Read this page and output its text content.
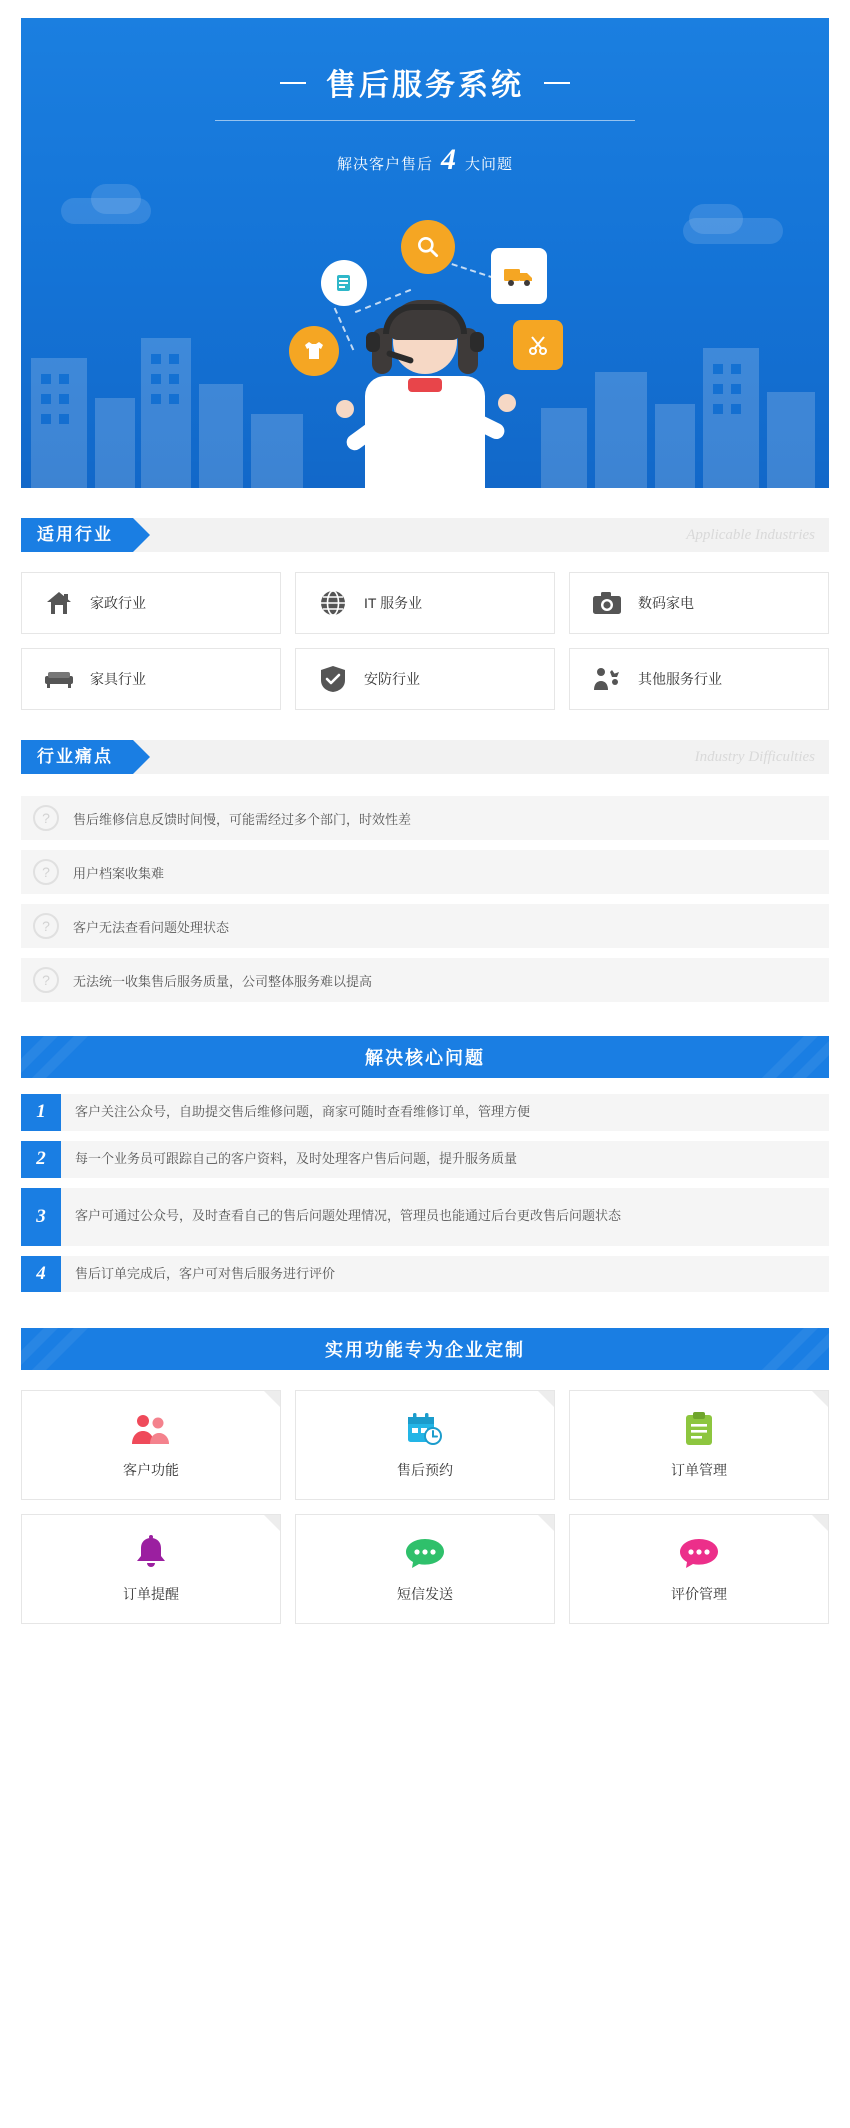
售后服务系统
解决客户售后 4 大问题
适用行业	Applicable Industries
家政行业	IT 服务业	数码家电
家具行业	安防行业	其他服务行业
行业痛点	Industry Difficulties
?	售后维修信息反馈时间慢，可能需经过多个部门，时效性差
?	用户档案收集难
?	客户无法查看问题处理状态
?	无法统一收集售后服务质量，公司整体服务难以提高
解决核心问题
1	客户关注公众号，自助提交售后维修问题，商家可随时查看维修订单，管理方便
2	每一个业务员可跟踪自己的客户资料，及时处理客户售后问题，提升服务质量
3	客户可通过公众号，及时查看自己的售后问题处理情况，管理员也能通过后台更改售后问题状态
4	售后订单完成后，客户可对售后服务进行评价
实用功能专为企业定制
客户功能	售后预约	订单管理
订单提醒	短信发送	评价管理
